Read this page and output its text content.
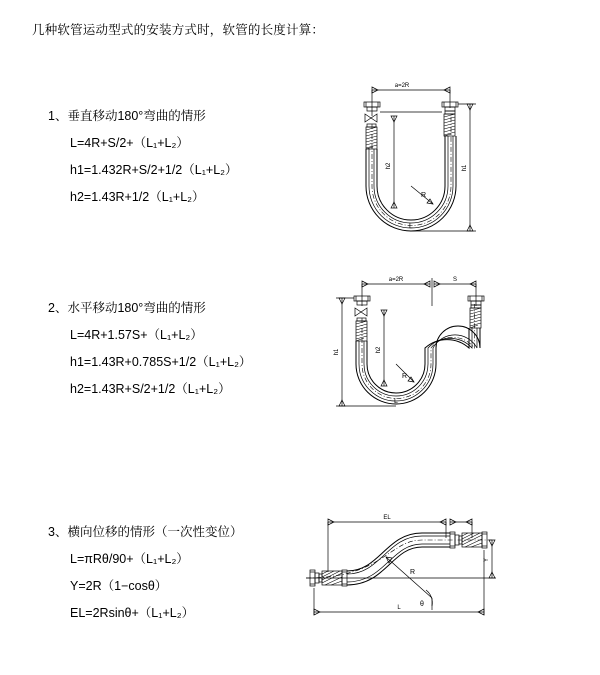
几种软管运动型式的安装方式时，软管的长度计算：
1、垂直移动180°弯曲的情形
L=4R+S/2+（L₁+L₂）
h1=1.432R+S/2+1/2（L₁+L₂）
h2=1.43R+1/2（L₁+L₂）
a=2R
R
h2	h1
L
2、水平移动180°弯曲的情形
L=4R+1.57S+（L₁+L₂）
h1=1.43R+0.785S+1/2（L₁+L₂）
h2=1.43R+S/2+1/2（L₁+L₂）
a=2R	S
R
h2
h1
L
3、横向位移的情形（一次性变位）
L=πRθ/90+（L₁+L₂）
Y=2R（1−cosθ）
EL=2Rsinθ+（L₁+L₂）
EL
R
θ
Y
L
